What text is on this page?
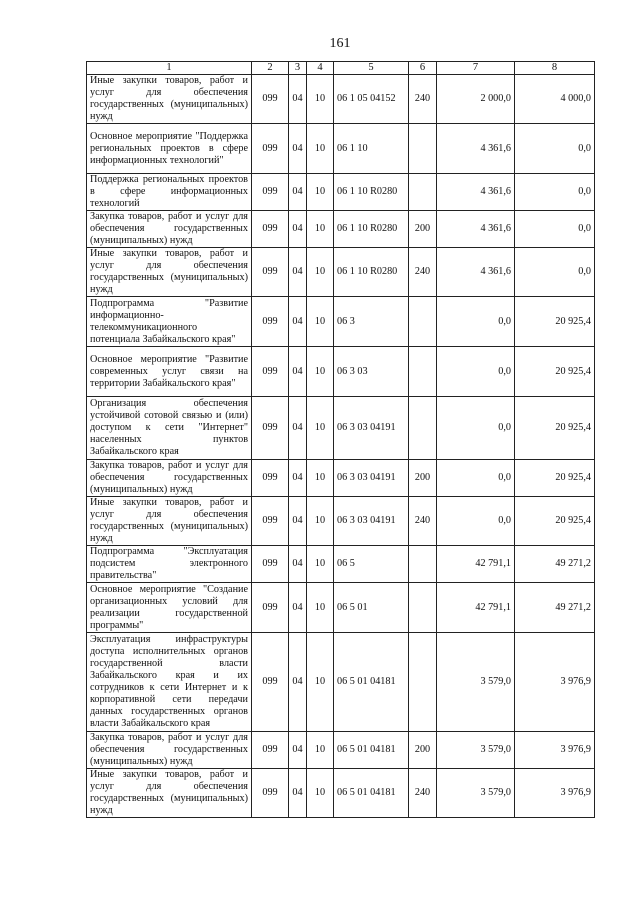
161
1	2	3	4	5	6	7	8
Иные закупки товаров, работ и услуг для обеспечения государственных (муниципальных) нужд	099	04	10	06 1 05 04152	240	2 000,0	4 000,0
Основное мероприятие "Поддержка региональных проектов в сфере информационных технологий"	099	04	10	06 1 10		4 361,6	0,0
Поддержка региональных проектов в сфере информационных технологий	099	04	10	06 1 10 R0280		4 361,6	0,0
Закупка товаров, работ и услуг для обеспечения государственных (муниципальных) нужд	099	04	10	06 1 10 R0280	200	4 361,6	0,0
Иные закупки товаров, работ и услуг для обеспечения государственных (муниципальных) нужд	099	04	10	06 1 10 R0280	240	4 361,6	0,0
Подпрограмма "Развитие информационно-телекоммуникационного потенциала Забайкальского края"	099	04	10	06 3		0,0	20 925,4
Основное мероприятие "Развитие современных услуг связи на территории Забайкальского края"	099	04	10	06 3 03		0,0	20 925,4
Организация обеспечения устойчивой сотовой связью и (или) доступом к сети "Интернет" населенных пунктов Забайкальского края	099	04	10	06 3 03 04191		0,0	20 925,4
Закупка товаров, работ и услуг для обеспечения государственных (муниципальных) нужд	099	04	10	06 3 03 04191	200	0,0	20 925,4
Иные закупки товаров, работ и услуг для обеспечения государственных (муниципальных) нужд	099	04	10	06 3 03 04191	240	0,0	20 925,4
Подпрограмма "Эксплуатация подсистем электронного правительства"	099	04	10	06 5		42 791,1	49 271,2
Основное мероприятие "Создание организационных условий для реализации государственной программы"	099	04	10	06 5 01		42 791,1	49 271,2
Эксплуатация инфраструктуры доступа исполнительных органов государственной власти Забайкальского края и их сотрудников к сети Интернет и к корпоративной сети передачи данных государственных органов власти Забайкальского края	099	04	10	06 5 01 04181		3 579,0	3 976,9
Закупка товаров, работ и услуг для обеспечения государственных (муниципальных) нужд	099	04	10	06 5 01 04181	200	3 579,0	3 976,9
Иные закупки товаров, работ и услуг для обеспечения государственных (муниципальных) нужд	099	04	10	06 5 01 04181	240	3 579,0	3 976,9
